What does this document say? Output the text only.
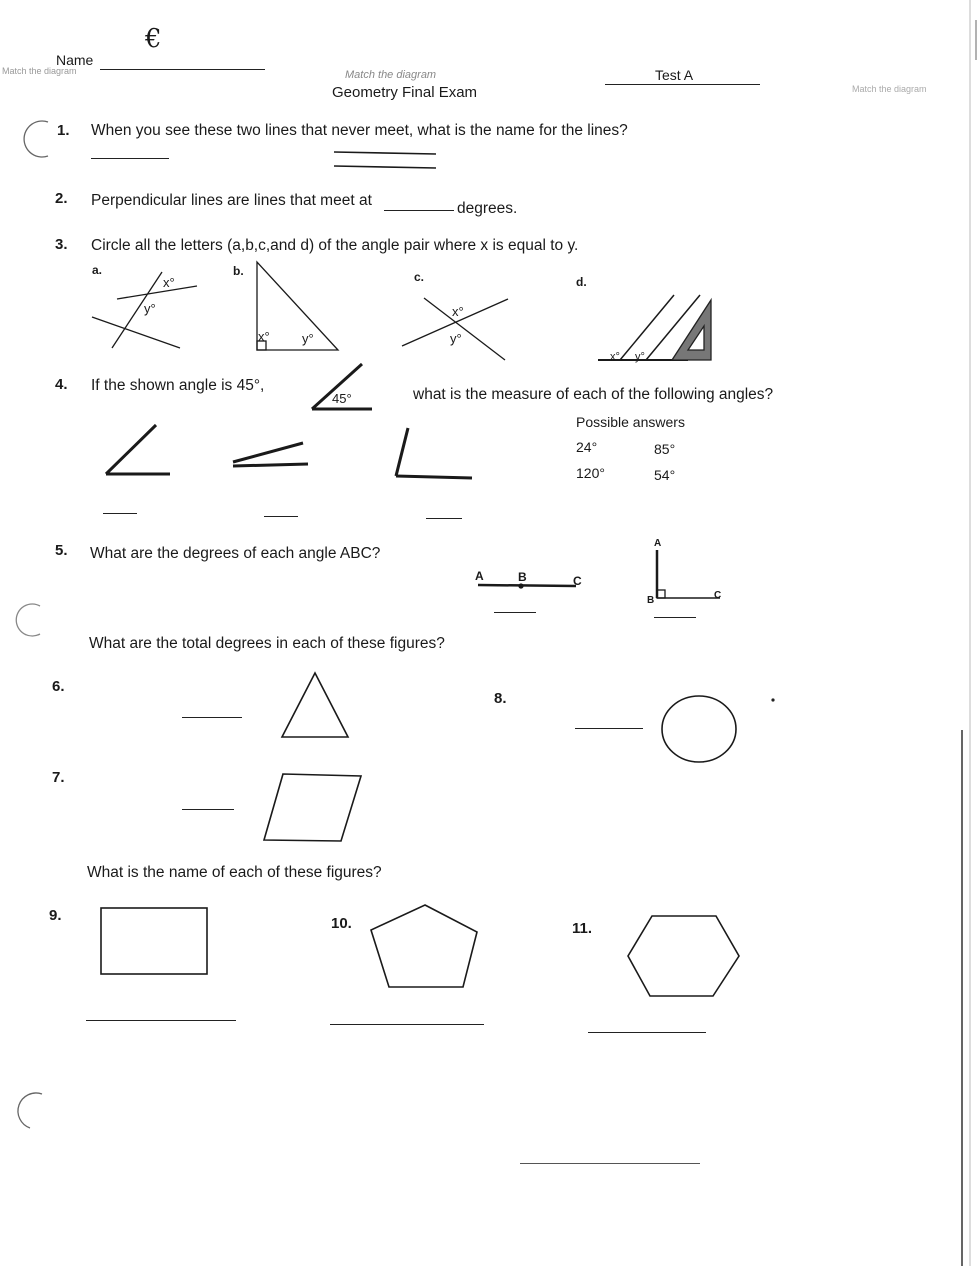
Match the diagram
Name
€
Match the diagram
Geometry Final Exam
Test A
Match the diagram
1. When you see these two lines that never meet, what is the name for the lines?
2. Perpendicular lines are lines that meet at	degrees.
3. Circle all the letters (a,b,c,and d) of the angle pair where x is equal to y.
a.	b.	c.	d.
x°
y°
x° y°
x°
y°
x° y°
4. If the shown angle is 45°,
45°	what is the measure of each of the following angles?
Possible answers
24°	85°
120°	54°
5. What are the degrees of each angle ABC?
A	B	C
A
B	C
What are the total degrees in each of these figures?
6.
7.
8.
What is the name of each of these figures?
9.	10.	11.
